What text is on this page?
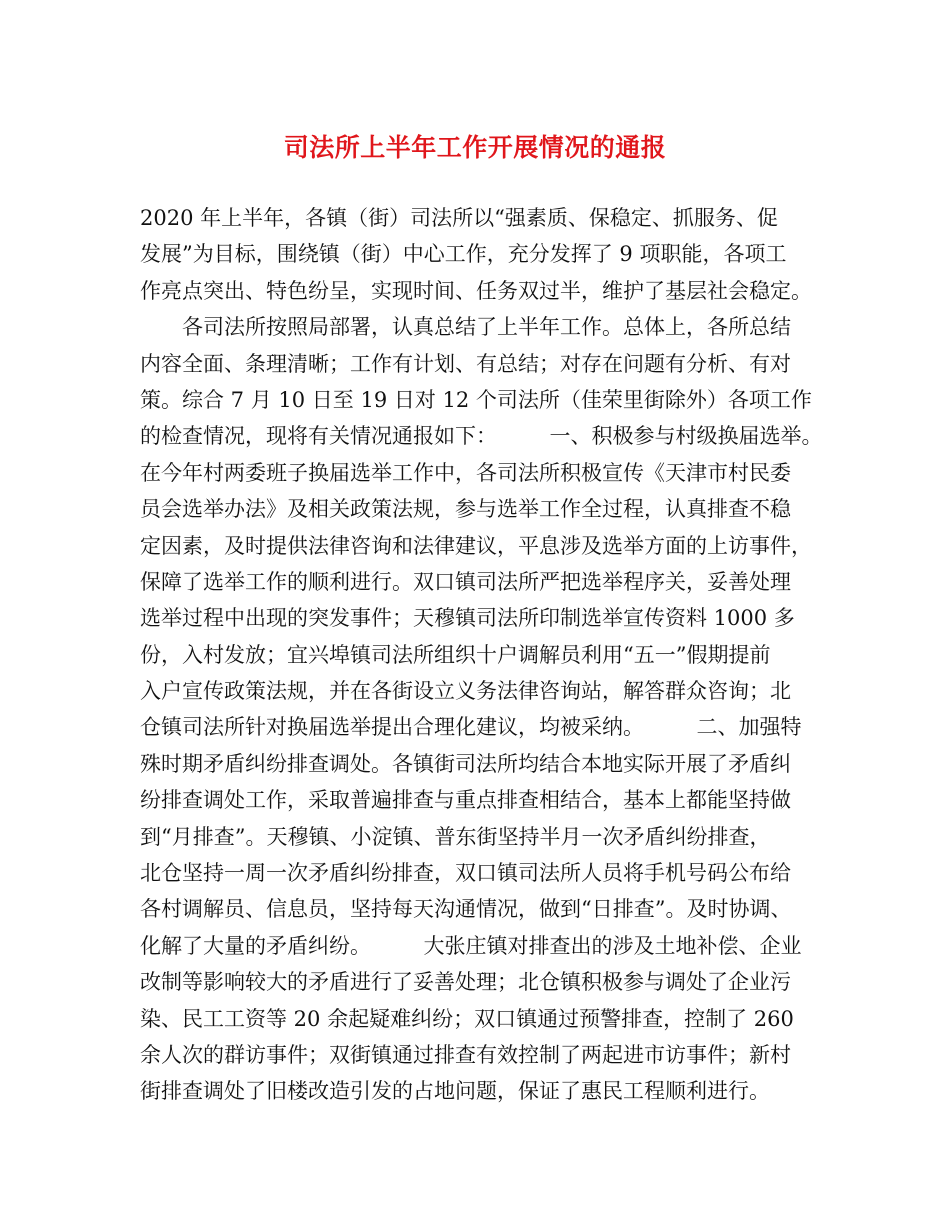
司法所上半年工作开展情况的通报
2020 年上半年，各镇（街）司法所以“强素质、保稳定、抓服务、促
发展”为目标，围绕镇（街）中心工作，充分发挥了 9 项职能，各项工
作亮点突出、特色纷呈，实现时间、任务双过半，维护了基层社会稳定。
　　各司法所按照局部署，认真总结了上半年工作。总体上，各所总结
内容全面、条理清晰；工作有计划、有总结；对存在问题有分析、有对
策。综合 7 月 10 日至 19 日对 12 个司法所（佳荣里街除外）各项工作
的检查情况，现将有关情况通报如下：　　　一、积极参与村级换届选举。
在今年村两委班子换届选举工作中，各司法所积极宣传《天津市村民委
员会选举办法》及相关政策法规，参与选举工作全过程，认真排查不稳
定因素，及时提供法律咨询和法律建议，平息涉及选举方面的上访事件，
保障了选举工作的顺利进行。双口镇司法所严把选举程序关，妥善处理
选举过程中出现的突发事件；天穆镇司法所印制选举宣传资料 1000 多
份，入村发放；宜兴埠镇司法所组织十户调解员利用“五一”假期提前
入户宣传政策法规，并在各街设立义务法律咨询站，解答群众咨询；北
仓镇司法所针对换届选举提出合理化建议，均被采纳。　　　二、加强特
殊时期矛盾纠纷排查调处。各镇街司法所均结合本地实际开展了矛盾纠
纷排查调处工作，采取普遍排查与重点排查相结合，基本上都能坚持做
到“月排查”。天穆镇、小淀镇、普东街坚持半月一次矛盾纠纷排查，
北仓坚持一周一次矛盾纠纷排查，双口镇司法所人员将手机号码公布给
各村调解员、信息员，坚持每天沟通情况，做到“日排查”。及时协调、
化解了大量的矛盾纠纷。　　　大张庄镇对排查出的涉及土地补偿、企业
改制等影响较大的矛盾进行了妥善处理；北仓镇积极参与调处了企业污
染、民工工资等 20 余起疑难纠纷；双口镇通过预警排查，控制了 260
余人次的群访事件；双街镇通过排查有效控制了两起进市访事件；新村
街排查调处了旧楼改造引发的占地问题，保证了惠民工程顺利进行。
